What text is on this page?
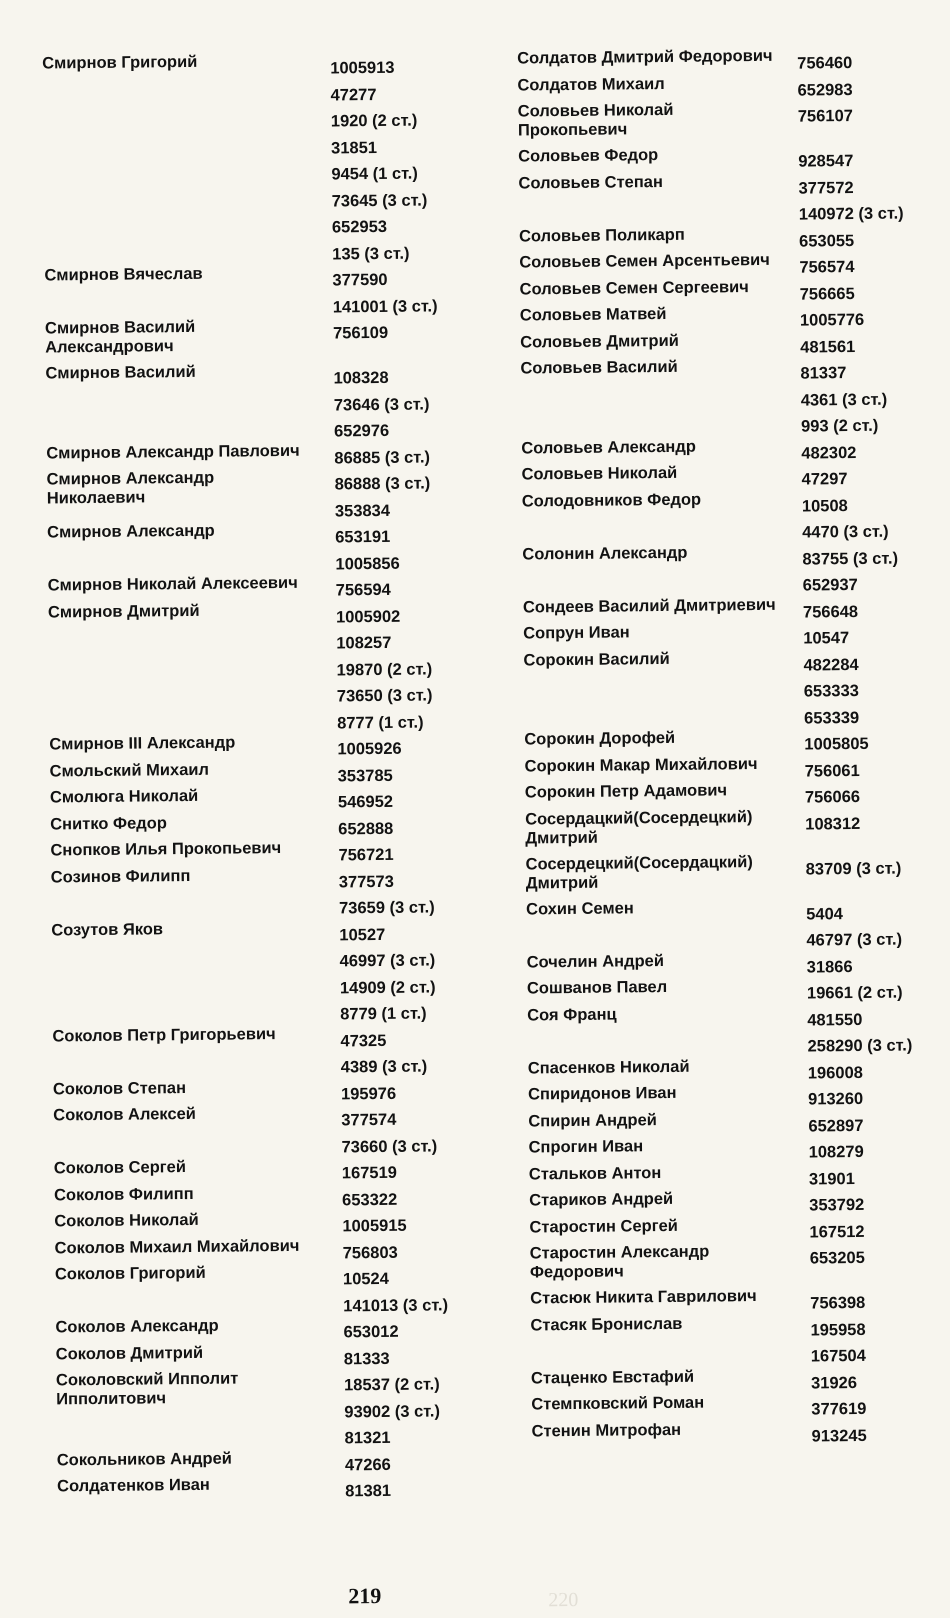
Смирнов Григорий	1005913
47277
1920 (2 ст.)
31851
9454 (1 ст.)
73645 (3 ст.)
652953
135 (3 ст.)
Смирнов Вячеслав	377590
141001 (3 ст.)
Смирнов Василий
Александрович
756109
Смирнов Василий	108328
73646 (3 ст.)
652976
Смирнов Александр Павлович 86885 (3 ст.)
Смирнов Александр
Николаевич
86888 (3 ст.)
353834
Смирнов Александр	653191
1005856
Смирнов Николай Алексеевич 756594
Смирнов Дмитрий	1005902
108257
19870 (2 ст.)
73650 (3 ст.)
8777 (1 ст.)
Смирнов III Александр	1005926
Смольский Михаил	353785
Смолюга Николай	546952
Снитко Федор	652888
Снопков Илья Прокопьевич	756721
Созинов Филипп	377573
73659 (3 ст.)
Созутов Яков	10527
46997 (3 ст.)
14909 (2 ст.)
8779 (1 ст.)
Соколов Петр Григорьевич	47325
4389 (3 ст.)
Соколов Степан	195976
Соколов Алексей	377574
73660 (3 ст.)
Соколов Сергей	167519
Соколов Филипп	653322
Соколов Николай	1005915
Соколов Михаил Михайлович	756803
Соколов Григорий	10524
141013 (3 ст.)
Соколов Александр	653012
Соколов Дмитрий	81333
Соколовский Ипполит
Ипполитович
18537 (2 ст.)
93902 (3 ст.)
81321
Сокольников Андрей	47266
Солдатенков Иван	81381
Солдатов Дмитрий Федорович 756460
Солдатов Михаил	652983
Соловьев Николай
Прокопьевич
756107
Соловьев Федор	928547
Соловьев Степан	377572
140972 (3 ст.)
Соловьев Поликарп	653055
Соловьев Семен Арсентьевич 756574
Соловьев Семен Сергеевич	756665
Соловьев Матвей	1005776
Соловьев Дмитрий	481561
Соловьев Василий	81337
4361 (3 ст.)
993 (2 ст.)
Соловьев Александр	482302
Соловьев Николай	47297
Солодовников Федор	10508
4470 (3 ст.)
Солонин Александр	83755 (3 ст.)
652937
Сондеев Василий Дмитриевич 756648
Сопрун Иван	10547
Сорокин Василий	482284
653333
653339
Сорокин Дорофей	1005805
Сорокин Макар Михайлович	756061
Сорокин Петр Адамович	756066
Сосердацкий(Сосердецкий)
Дмитрий
108312
Сосердецкий(Сосердацкий)
Дмитрий
83709 (3 ст.)
Сохин Семен	5404
46797 (3 ст.)
Сочелин Андрей	31866
Сошванов Павел	19661 (2 ст.)
Соя Франц	481550
258290 (3 ст.)
Спасенков Николай	196008
Спиридонов Иван	913260
Спирин Андрей	652897
Спрогин Иван	108279
Стальков Антон	31901
Стариков Андрей	353792
Старостин Сергей	167512
Старостин Александр
Федорович
653205
Стасюк Никита Гаврилович	756398
Стасяк Бронислав	195958
167504
Стаценко Евстафий	31926
Стемпковский Роман	377619
Стенин Митрофан	913245
219	220
